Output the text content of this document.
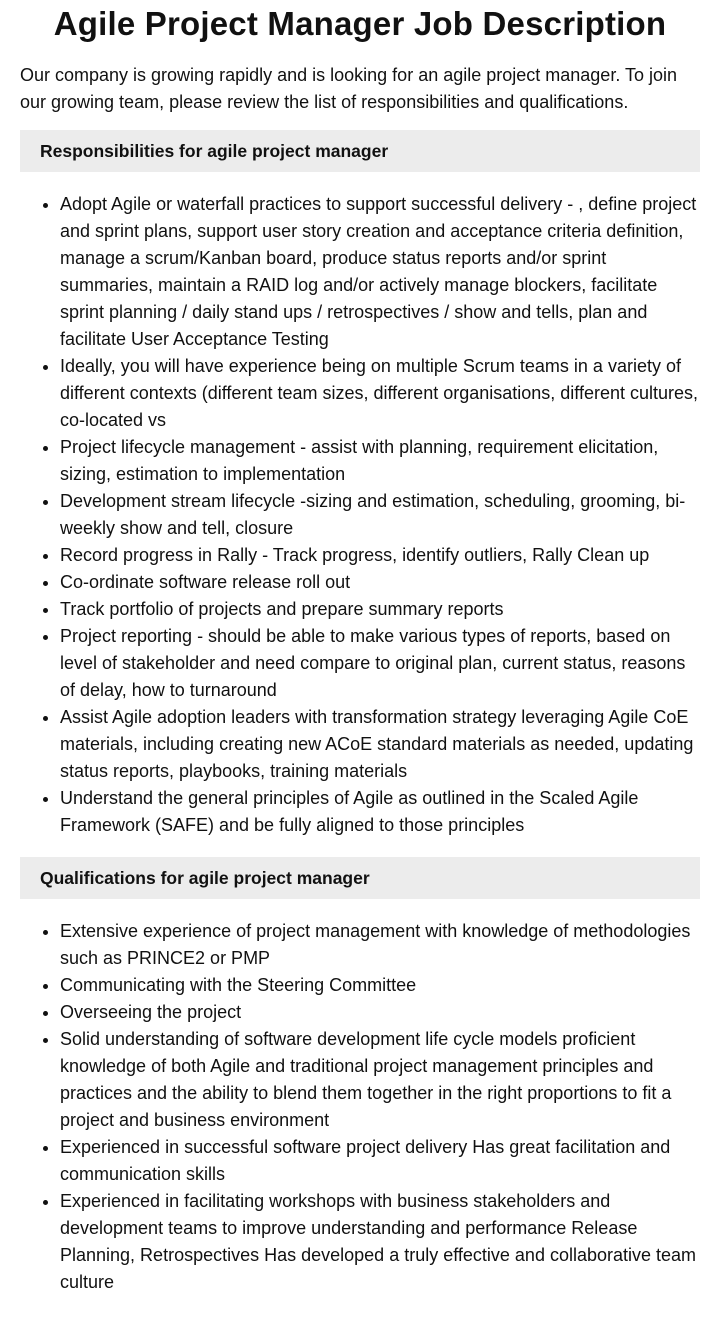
Agile Project Manager Job Description

Our company is growing rapidly and is looking for an agile project manager. To join our growing team, please review the list of responsibilities and qualifications.

Responsibilities for agile project manager
• Adopt Agile or waterfall practices to support successful delivery - , define project and sprint plans, support user story creation and acceptance criteria definition, manage a scrum/Kanban board, produce status reports and/or sprint summaries, maintain a RAID log and/or actively manage blockers, facilitate sprint planning / daily stand ups / retrospectives / show and tells, plan and facilitate User Acceptance Testing
• Ideally, you will have experience being on multiple Scrum teams in a variety of different contexts (different team sizes, different organisations, different cultures, co-located vs
• Project lifecycle management - assist with planning, requirement elicitation, sizing, estimation to implementation
• Development stream lifecycle -sizing and estimation, scheduling, grooming, bi-weekly show and tell, closure
• Record progress in Rally - Track progress, identify outliers, Rally Clean up
• Co-ordinate software release roll out
• Track portfolio of projects and prepare summary reports
• Project reporting - should be able to make various types of reports, based on level of stakeholder and need compare to original plan, current status, reasons of delay, how to turnaround
• Assist Agile adoption leaders with transformation strategy leveraging Agile CoE materials, including creating new ACoE standard materials as needed, updating status reports, playbooks, training materials
• Understand the general principles of Agile as outlined in the Scaled Agile Framework (SAFE) and be fully aligned to those principles
Qualifications for agile project manager
• Extensive experience of project management with knowledge of methodologies such as PRINCE2 or PMP
• Communicating with the Steering Committee
• Overseeing the project
• Solid understanding of software development life cycle models proficient knowledge of both Agile and traditional project management principles and practices and the ability to blend them together in the right proportions to fit a project and business environment
• Experienced in successful software project delivery Has great facilitation and communication skills
• Experienced in facilitating workshops with business stakeholders and development teams to improve understanding and performance Release Planning, Retrospectives Has developed a truly effective and collaborative team culture
